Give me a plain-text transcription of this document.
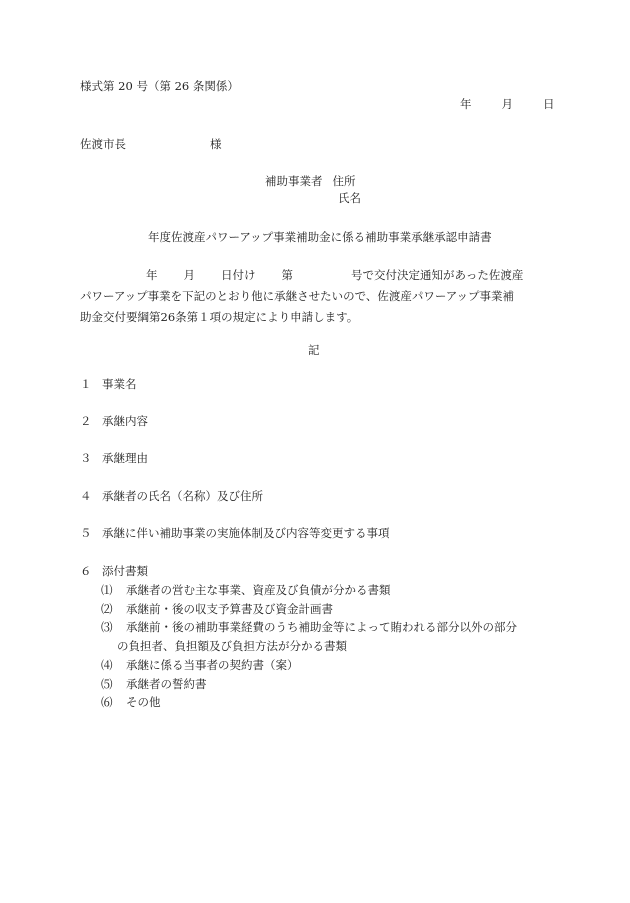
様式第 20 号（第 26 条関係）
年	月	日
佐渡市長	様
補助事業者 住所
氏名
年度佐渡産パワーアップ事業補助金に係る補助事業承継承認申請書
年 月 日付け 第	号で交付決定通知があった佐渡産
パワーアップ事業を下記のとおり他に承継させたいので、佐渡産パワーアップ事業補
助金交付要綱第26条第１項の規定により申請します。
記
１ 事業名
２ 承継内容
３ 承継理由
４ 承継者の氏名（名称）及び住所
５ 承継に伴い補助事業の実施体制及び内容等変更する事項
６ 添付書類
⑴ 承継者の営む主な事業、資産及び負債が分かる書類
⑵ 承継前・後の収支予算書及び資金計画書
⑶ 承継前・後の補助事業経費のうち補助金等によって賄われる部分以外の部分
の負担者、負担額及び負担方法が分かる書類
⑷ 承継に係る当事者の契約書（案）
⑸ 承継者の誓約書
⑹ その他
